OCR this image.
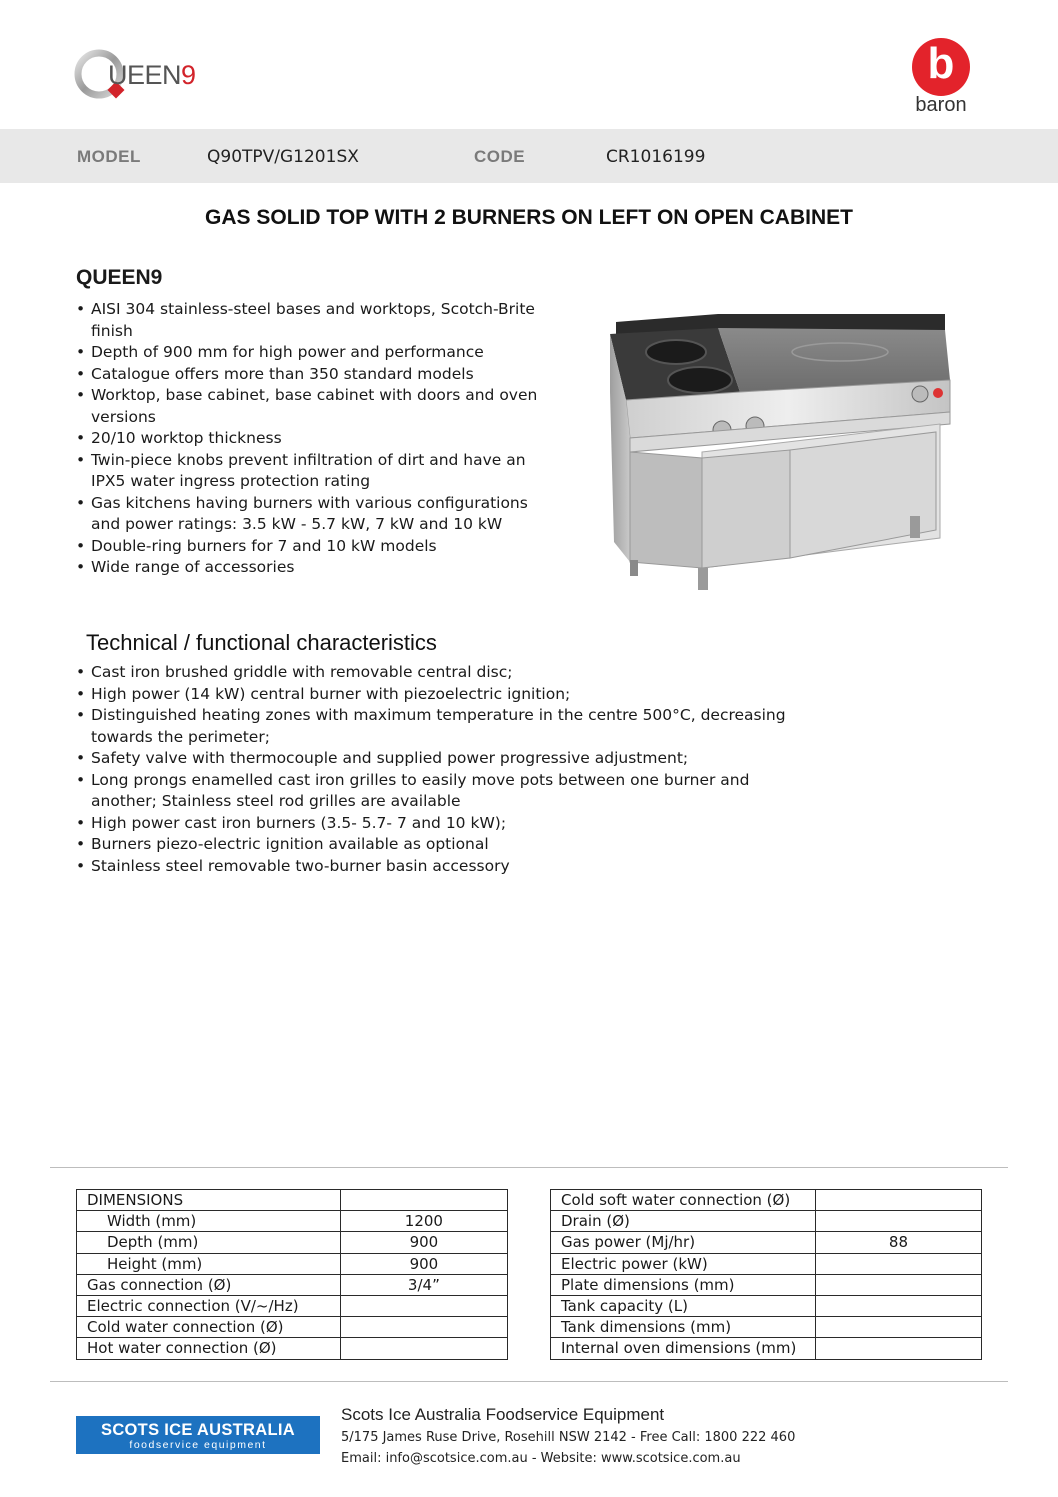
UEEN9	b
baron
MODEL	Q90TPV/G1201SX	CODE	CR1016199
GAS SOLID TOP WITH 2 BURNERS ON LEFT ON OPEN CABINET
QUEEN9
• AISI 304 stainless-steel bases and worktops, Scotch-Brite finish
• Depth of 900 mm for high power and performance
• Catalogue offers more than 350 standard models
• Worktop, base cabinet, base cabinet with doors and oven versions
• 20/10 worktop thickness
• Twin-piece knobs prevent infiltration of dirt and have an IPX5 water ingress protection rating
• Gas kitchens having burners with various configurations and power ratings: 3.5 kW - 5.7 kW, 7 kW and 10 kW
• Double-ring burners for 7 and 10 kW models
• Wide range of accessories
Technical / functional characteristics
• Cast iron brushed griddle with removable central disc;
• High power (14 kW) central burner with piezoelectric ignition;
• Distinguished heating zones with maximum temperature in the centre 500°C, decreasing towards the perimeter;
• Safety valve with thermocouple and supplied power progressive adjustment;
• Long prongs enamelled cast iron grilles to easily move pots between one burner and another; Stainless steel rod grilles are available
• High power cast iron burners (3.5- 5.7- 7 and 10 kW);
• Burners piezo-electric ignition available as optional
• Stainless steel removable two-burner basin accessory
DIMENSIONS	
Width (mm)	1200
Depth (mm)	900
Height (mm)	900
Gas connection (Ø)	3/4”
Electric connection (V/~/Hz)	
Cold water connection (Ø)	
Hot water connection (Ø)	
Cold soft water connection (Ø)	
Drain (Ø)	
Gas power (Mj/hr)	88
Electric power (kW)	
Plate dimensions (mm)	
Tank capacity (L)	
Tank dimensions (mm)	
Internal oven dimensions (mm)	
SCOTS ICE AUSTRALIA
foodservice equipment
Scots Ice Australia Foodservice Equipment
5/175 James Ruse Drive, Rosehill NSW 2142 - Free Call: 1800 222 460
Email: info@scotsice.com.au - Website: www.scotsice.com.au
